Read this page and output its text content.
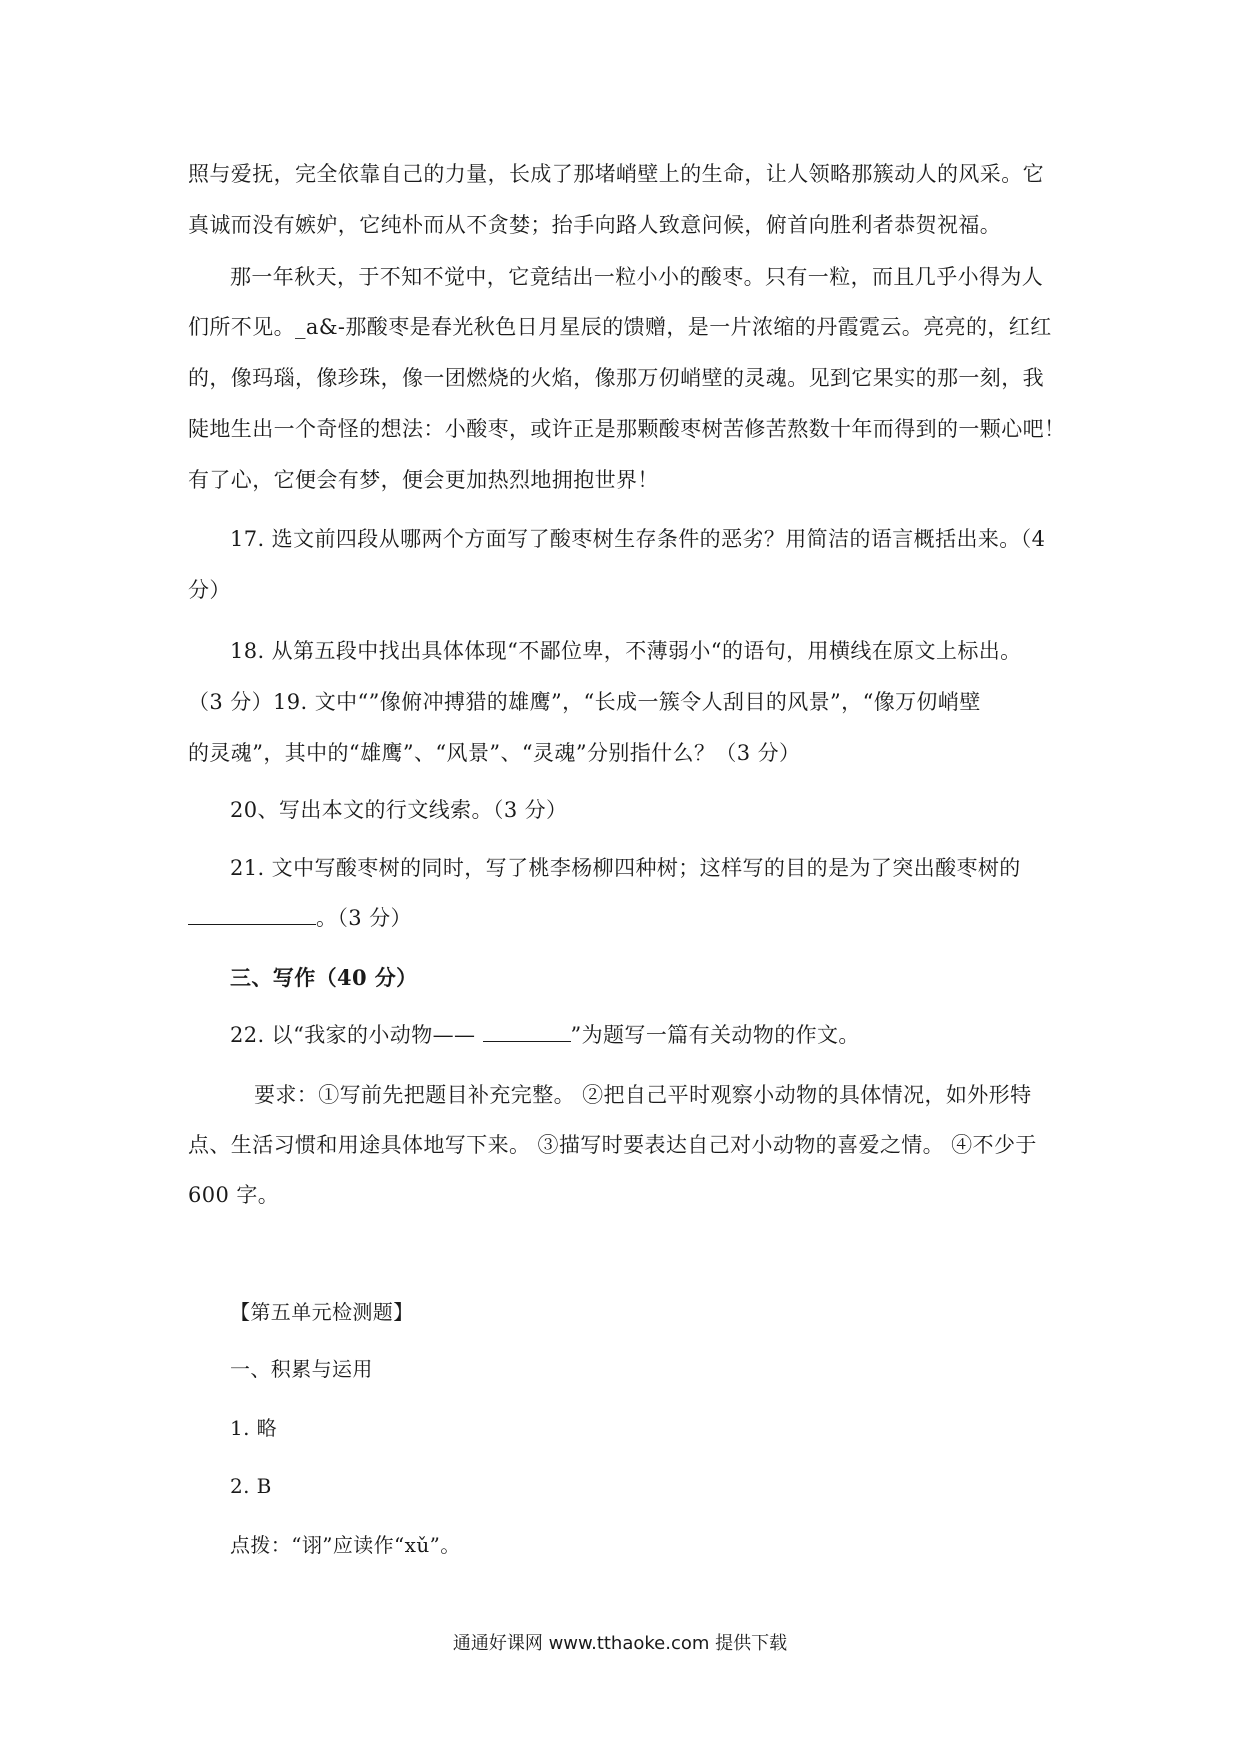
照与爱抚，完全依靠自己的力量，长成了那堵峭壁上的生命，让人领略那簇动人的风采。它
真诚而没有嫉妒，它纯朴而从不贪婪；抬手向路人致意问候，俯首向胜利者恭贺祝福。
那一年秋天，于不知不觉中，它竟结出一粒小小的酸枣。只有一粒，而且几乎小得为人
们所不见。_a&-那酸枣是春光秋色日月星辰的馈赠，是一片浓缩的丹霞霓云。亮亮的，红红
的，像玛瑙，像珍珠，像一团燃烧的火焰，像那万仞峭壁的灵魂。见到它果实的那一刻，我
陡地生出一个奇怪的想法：小酸枣，或许正是那颗酸枣树苦修苦熬数十年而得到的一颗心吧！
有了心，它便会有梦，便会更加热烈地拥抱世界！
17. 选文前四段从哪两个方面写了酸枣树生存条件的恶劣？用简洁的语言概括出来。（4
分）
18. 从第五段中找出具体体现“不鄙位卑，不薄弱小“的语句，用横线在原文上标出。
（3 分）19. 文中“”像俯冲搏猎的雄鹰”，“长成一簇令人刮目的风景”，“像万仞峭壁
的灵魂”，其中的“雄鹰”、“风景”、“灵魂”分别指什么？（3 分）
20、写出本文的行文线索。（3 分）
21. 文中写酸枣树的同时，写了桃李杨柳四种树；这样写的目的是为了突出酸枣树的
。（3 分）
三、写作（40 分）
22. 以“我家的小动物——	”为题写一篇有关动物的作文。
要求：①写前先把题目补充完整。 ②把自己平时观察小动物的具体情况，如外形特
点、生活习惯和用途具体地写下来。 ③描写时要表达自己对小动物的喜爱之情。 ④不少于
600 字。
【第五单元检测题】
一、积累与运用
1. 略
2. B
点拨：“诩”应读作“xǔ”。
通通好课网 www.tthaoke.com 提供下载
